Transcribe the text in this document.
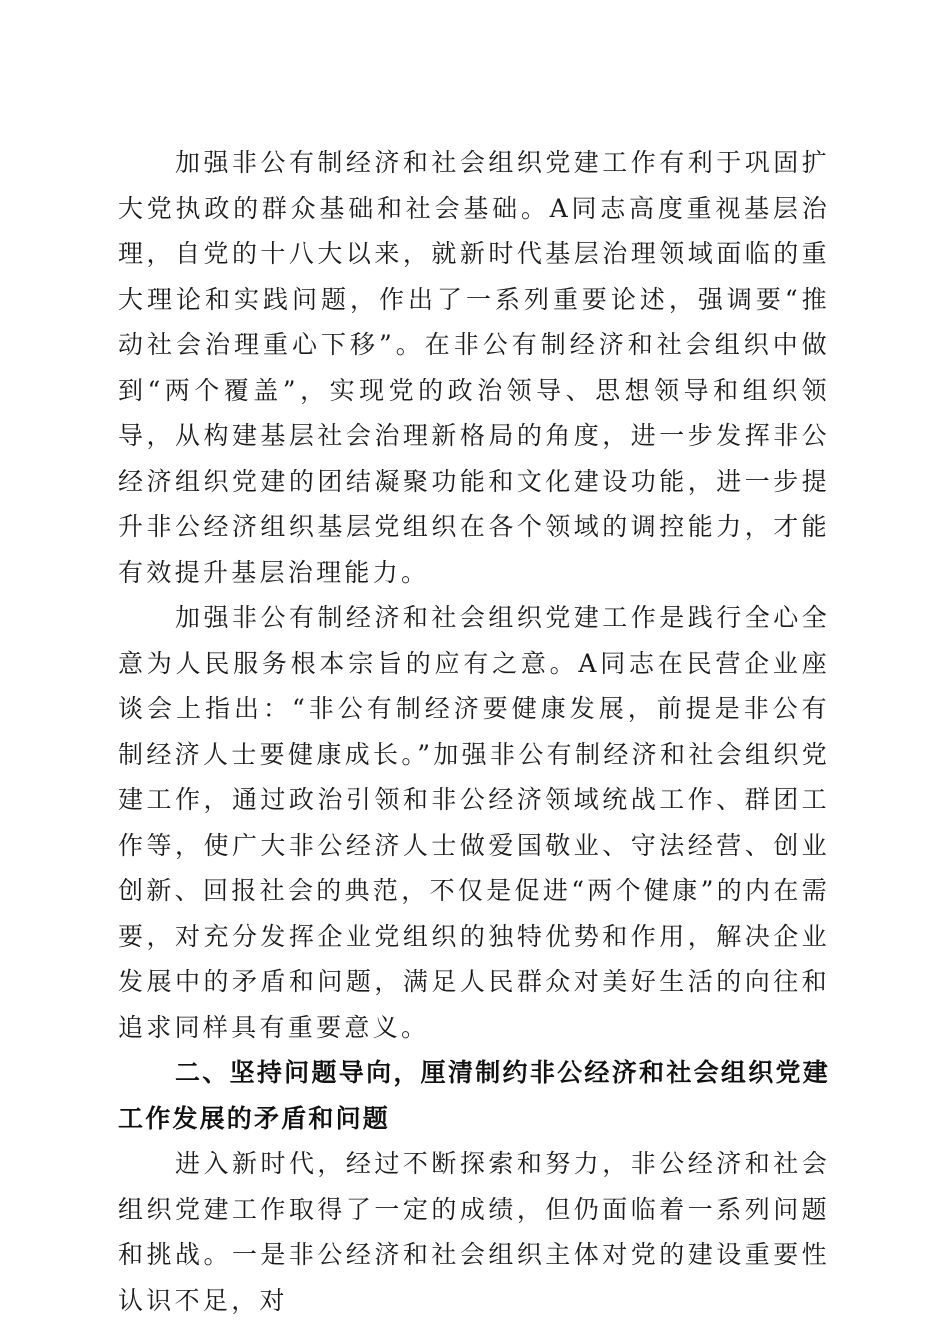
加强非公有制经济和社会组织党建工作有利于巩固扩大党执政的群众基础和社会基础。A同志高度重视基层治理，自党的十八大以来，就新时代基层治理领域面临的重大理论和实践问题，作出了一系列重要论述，强调要“推动社会治理重心下移”。在非公有制经济和社会组织中做到“两个覆盖”，实现党的政治领导、思想领导和组织领导，从构建基层社会治理新格局的角度，进一步发挥非公经济组织党建的团结凝聚功能和文化建设功能，进一步提升非公经济组织基层党组织在各个领域的调控能力，才能有效提升基层治理能力。

加强非公有制经济和社会组织党建工作是践行全心全意为人民服务根本宗旨的应有之意。A同志在民营企业座谈会上指出：“非公有制经济要健康发展，前提是非公有制经济人士要健康成长。”加强非公有制经济和社会组织党建工作，通过政治引领和非公经济领域统战工作、群团工作等，使广大非公经济人士做爱国敬业、守法经营、创业创新、回报社会的典范，不仅是促进“两个健康”的内在需要，对充分发挥企业党组织的独特优势和作用，解决企业发展中的矛盾和问题，满足人民群众对美好生活的向往和追求同样具有重要意义。

二、坚持问题导向，厘清制约非公经济和社会组织党建工作发展的矛盾和问题

进入新时代，经过不断探索和努力，非公经济和社会组织党建工作取得了一定的成绩，但仍面临着一系列问题和挑战。一是非公经济和社会组织主体对党的建设重要性认识不足，对
